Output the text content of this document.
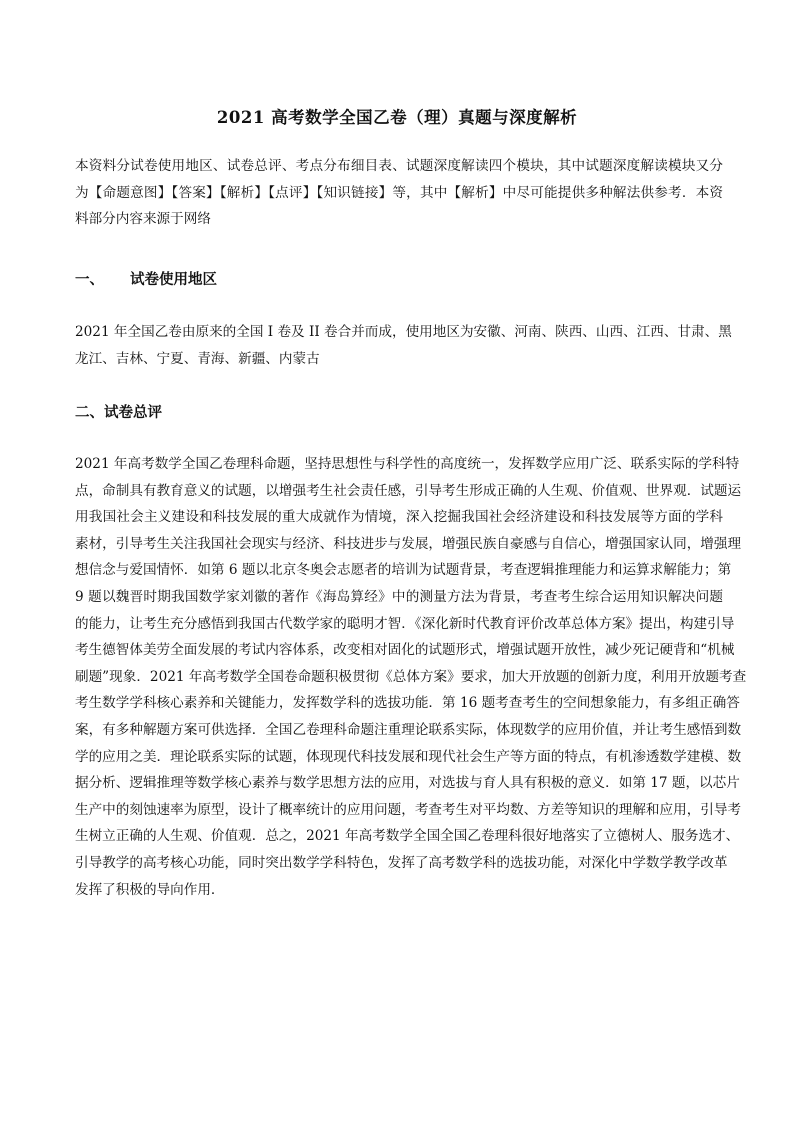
2021 高考数学全国乙卷（理）真题与深度解析

本资料分试卷使用地区、试卷总评、考点分布细目表、试题深度解读四个模块，其中试题深度解读模块又分
为【命题意图】【答案】【解析】【点评】【知识链接】等，其中【解析】中尽可能提供多种解法供参考．本资
料部分内容来源于网络

一、 试卷使用地区

2021 年全国乙卷由原来的全国 I 卷及 II 卷合并而成，使用地区为安徽、河南、陕西、山西、江西、甘肃、黑
龙江、吉林、宁夏、青海、新疆、内蒙古

二、试卷总评

2021 年高考数学全国乙卷理科命题，坚持思想性与科学性的高度统一，发挥数学应用广泛、联系实际的学科特
点，命制具有教育意义的试题，以增强考生社会责任感，引导考生形成正确的人生观、价值观、世界观．试题运
用我国社会主义建设和科技发展的重大成就作为情境，深入挖掘我国社会经济建设和科技发展等方面的学科
素材，引导考生关注我国社会现实与经济、科技进步与发展，增强民族自豪感与自信心，增强国家认同，增强理
想信念与爱国情怀．如第 6 题以北京冬奥会志愿者的培训为试题背景，考查逻辑推理能力和运算求解能力；第
9 题以魏晋时期我国数学家刘徽的著作《海岛算经》中的测量方法为背景，考查考生综合运用知识解决问题
的能力，让考生充分感悟到我国古代数学家的聪明才智．《深化新时代教育评价改革总体方案》提出，构建引导
考生德智体美劳全面发展的考试内容体系，改变相对固化的试题形式，增强试题开放性，减少死记硬背和“机械
刷题”现象．2021 年高考数学全国卷命题积极贯彻《总体方案》要求，加大开放题的创新力度，利用开放题考查
考生数学学科核心素养和关键能力，发挥数学科的选拔功能．第 16 题考查考生的空间想象能力，有多组正确答
案，有多种解题方案可供选择．全国乙卷理科命题注重理论联系实际，体现数学的应用价值，并让考生感悟到数
学的应用之美．理论联系实际的试题，体现现代科技发展和现代社会生产等方面的特点，有机渗透数学建模、数
据分析、逻辑推理等数学核心素养与数学思想方法的应用，对选拔与育人具有积极的意义．如第 17 题，以芯片
生产中的刻蚀速率为原型，设计了概率统计的应用问题，考查考生对平均数、方差等知识的理解和应用，引导考
生树立正确的人生观、价值观．总之，2021 年高考数学全国全国乙卷理科很好地落实了立德树人、服务选才、
引导教学的高考核心功能，同时突出数学学科特色，发挥了高考数学科的选拔功能，对深化中学数学教学改革
发挥了积极的导向作用．
